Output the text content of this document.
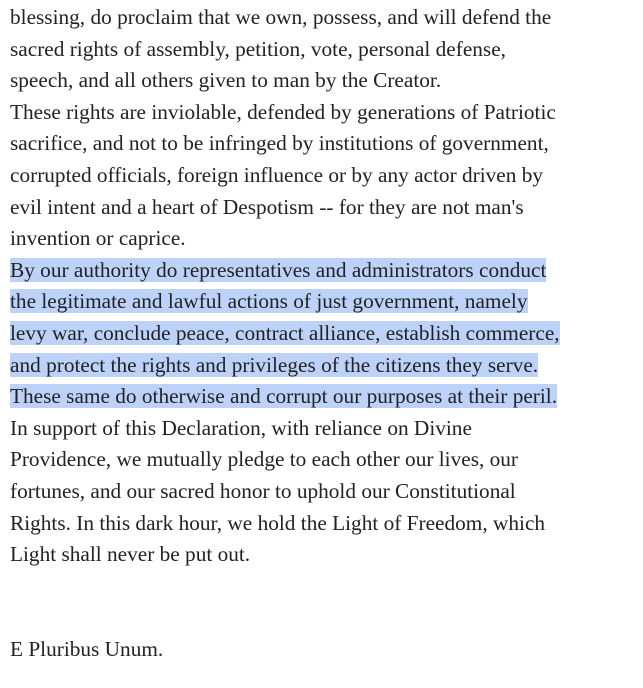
blessing, do proclaim that we own, possess, and will defend the
sacred rights of assembly, petition, vote, personal defense,
speech, and all others given to man by the Creator.
These rights are inviolable, defended by generations of Patriotic
sacrifice, and not to be infringed by institutions of government,
corrupted officials, foreign influence or by any actor driven by
evil intent and a heart of Despotism -- for they are not man's
invention or caprice.
By our authority do representatives and administrators conduct
the legitimate and lawful actions of just government, namely
levy war, conclude peace, contract alliance, establish commerce,
and protect the rights and privileges of the citizens they serve.
These same do otherwise and corrupt our purposes at their peril.
In support of this Declaration, with reliance on Divine
Providence, we mutually pledge to each other our lives, our
fortunes, and our sacred honor to uphold our Constitutional
Rights. In this dark hour, we hold the Light of Freedom, which
Light shall never be put out.
E Pluribus Unum.
